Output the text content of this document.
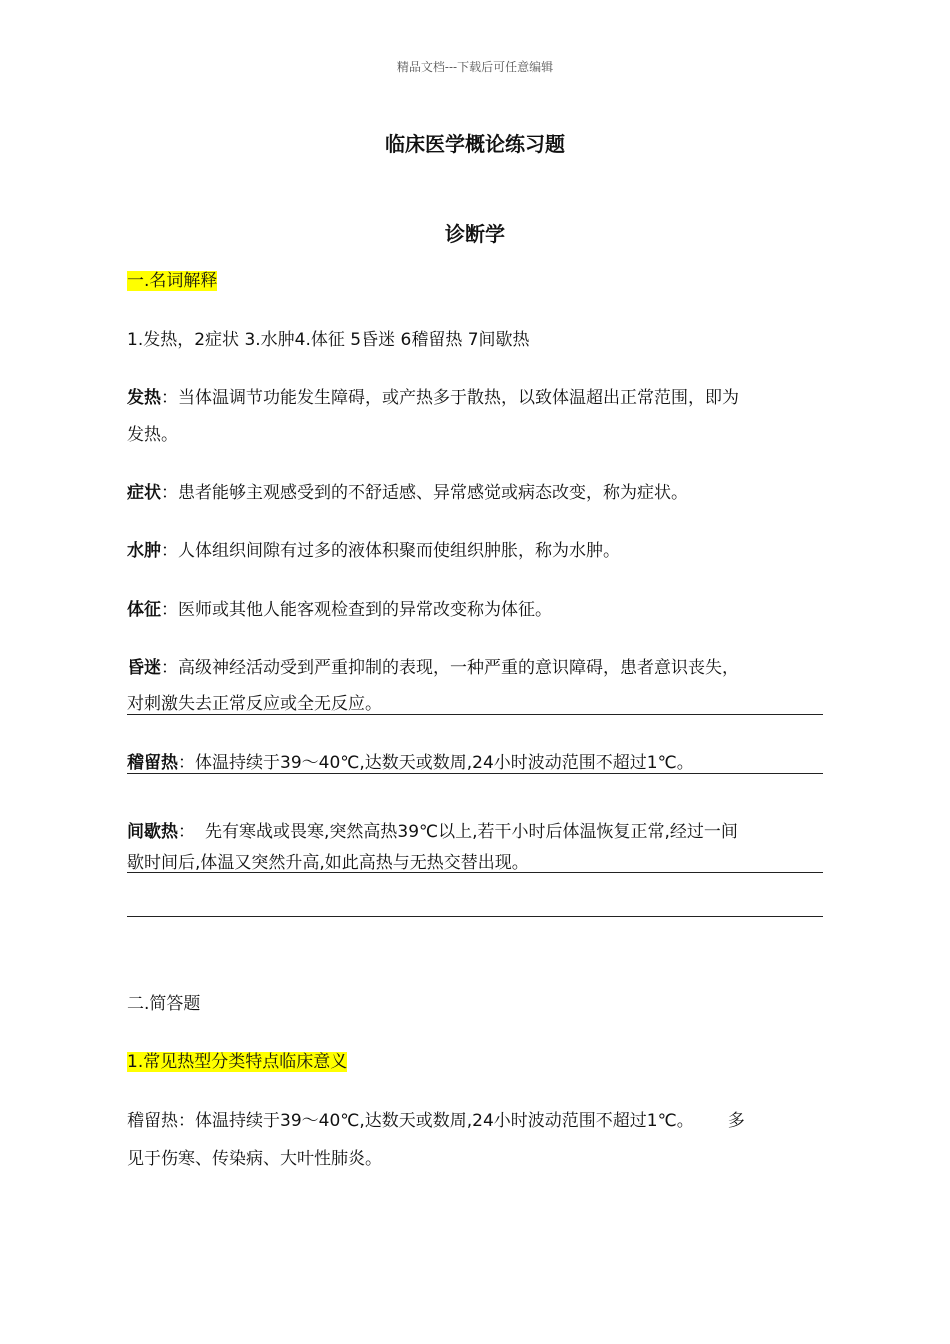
精品文档---下载后可任意编辑
临床医学概论练习题
诊断学
一.名词解释
1.发热，2症状 3.水肿4.体征 5昏迷 6稽留热 7间歇热
发热：当体温调节功能发生障碍，或产热多于散热，以致体温超出正常范围，即为
发热。
症状：患者能够主观感受到的不舒适感、异常感觉或病态改变，称为症状。
水肿：人体组织间隙有过多的液体积聚而使组织肿胀，称为水肿。
体征：医师或其他人能客观检查到的异常改变称为体征。
昏迷：高级神经活动受到严重抑制的表现，一种严重的意识障碍，患者意识丧失，
对刺激失去正常反应或全无反应。
稽留热：体温持续于39～40℃,达数天或数周,24小时波动范围不超过1℃。
间歇热： 先有寒战或畏寒,突然高热39℃以上,若干小时后体温恢复正常,经过一间
歇时间后,体温又突然升高,如此高热与无热交替出现。
二.简答题
1.常见热型分类特点临床意义
稽留热：体温持续于39～40℃,达数天或数周,24小时波动范围不超过1℃。 多
见于伤寒、传染病、大叶性肺炎。
